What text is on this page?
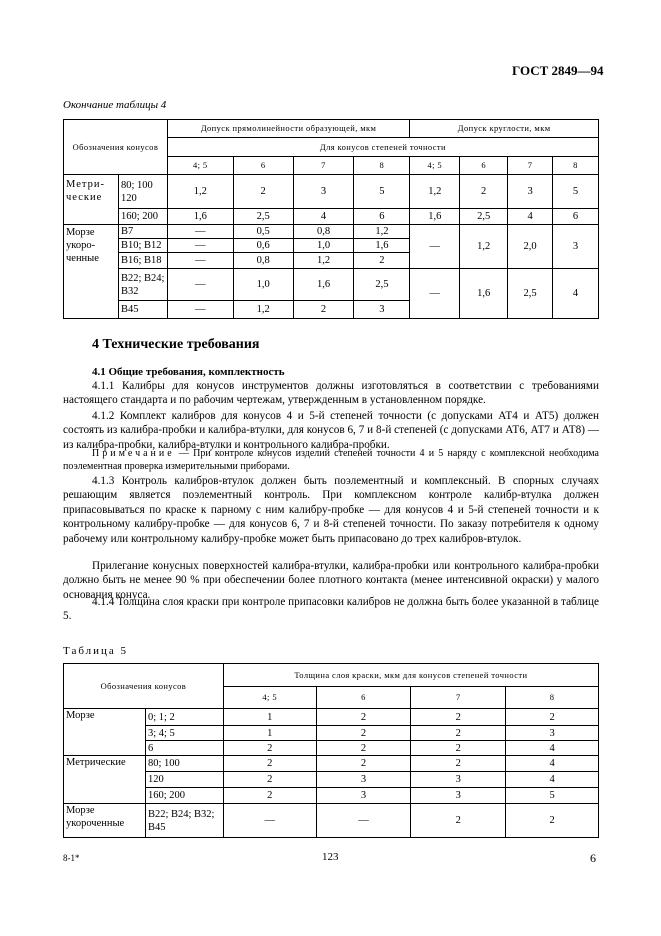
ГОСТ 2849—94
Окончание таблицы 4
Обозначения конусов		Допуск прямолинейности образующей, мкм				Допуск круглости, мкм			
		Для конусов степеней точности							
		4; 5	6	7	8	4; 5	6	7	8
Метри-ческие	80; 100 120	1,2	2	3	5	1,2	2	3	5
	160; 200	1,6	2,5	4	6	1,6	2,5	4	6
Морзе укоро-ченные	В7	—	0,5	0,8	1,2	—	1,2	2,0	3
	В10; В12	—	0,6	1,0	1,6				
	В16; В18	—	0,8	1,2	2				
	В22; В24; В32	—	1,0	1,6	2,5	—	1,6	2,5	4
	В45	—	1,2	2	3				
4 Технические требования
4.1 Общие требования, комплектность

4.1.1 Калибры для конусов инструментов должны изготовляться в соответствии с требованиями настоящего стандарта и по рабочим чертежам, утвержденным в установленном порядке.

4.1.2 Комплект калибров для конусов 4 и 5-й степеней точности (с допусками АТ4 и АТ5) должен состоять из калибра-пробки и калибра-втулки, для конусов 6, 7 и 8-й степеней (с допусками АТ6, АТ7 и АТ8) — из калибра-пробки, калибра-втулки и контрольного калибра-пробки.

Примечание — При контроле конусов изделий степеней точности 4 и 5 наряду с комплексной необходима поэлементная проверка измерительными приборами.

4.1.3 Контроль калибров-втулок должен быть поэлементный и комплексный. В спорных случаях решающим является поэлементный контроль. При комплексном контроле калибр-втулка должен припасовываться по краске к парному с ним калибру-пробке — для конусов 4 и 5-й степеней точности и к контрольному калибру-пробке — для конусов 6, 7 и 8-й степеней точности. По заказу потребителя к одному рабочему или контрольному калибру-пробке может быть припасовано до трех калибров-втулок.

Прилегание конусных поверхностей калибра-втулки, калибра-пробки или контрольного калибра-пробки должно быть не менее 90 % при обеспечении более плотного контакта (менее интенсивной окраски) у малого основания конуса.

4.1.4 Толщина слоя краски при контроле припасовки калибров не должна быть более указанной в таблице 5.

Таблица 5
Обозначения конусов		Толщина слоя краски, мкм для конусов степеней точности			
		4; 5	6	7	8
Морзе	0; 1; 2	1	2	2	2
	3; 4; 5	1	2	2	3
	6	2	2	2	4
Метрические	80; 100	2	2	2	4
	120	2	3	3	4
	160; 200	2	3	3	5
Морзе укороченные	В22; В24; В32; В45	—	—	2	2
8-1*	123	6
